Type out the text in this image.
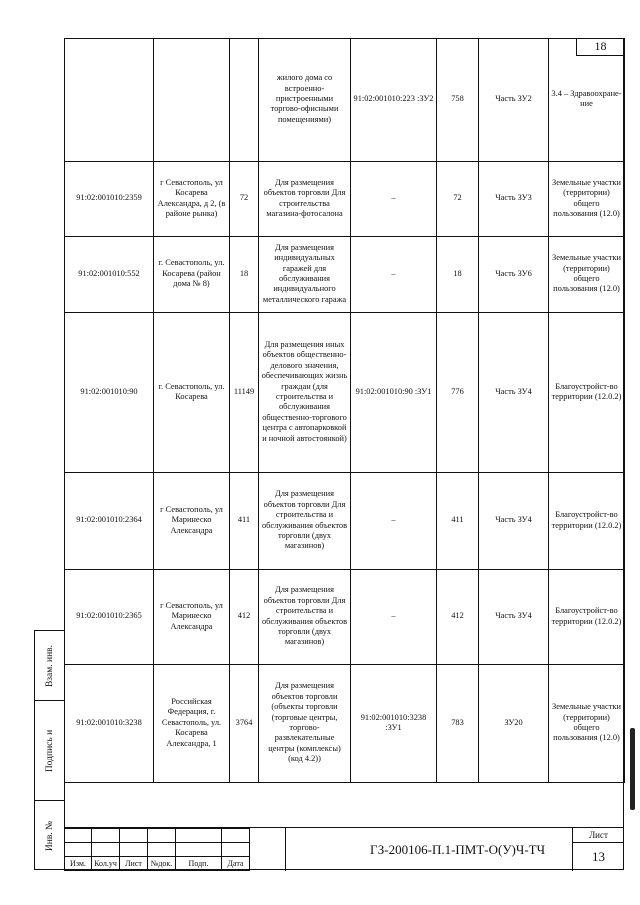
			жилого дома со встроенно-пристроенными торгово-офисными помещениями)	91:02:001010:223 :ЗУ2	758	Часть ЗУ2	3.4 – Здравоохране-ние
91:02:001010:2359	г Севастополь, ул Косарева Александра, д 2, (в районе рынка)	72	Для размещения объектов торговли Для строительства магазина-фотосалона	–	72	Часть ЗУ3	Земельные участки (территории) общего пользования (12.0)
91:02:001010:552	г. Севастополь, ул. Косарева (район дома № 8)	18	Для размещения индивидуальных гаражей для обслуживания индивидуального металлического гаража	–	18	Часть ЗУ6	Земельные участки (территории) общего пользования (12.0)
91:02:001010:90	г. Севастополь, ул. Косарева	11149	Для размещения иных объектов общественно-делового значения, обеспечивающих жизнь граждан (для строительства и обслуживания общественно-торгового центра с автопарковкой и ночной автостоянкой)	91:02:001010:90 :ЗУ1	776	Часть ЗУ4	Благоустройст-во территории (12.0.2)
91:02:001010:2364	г Севастополь, ул Маринеско Александра	411	Для размещения объектов торговли Для строительства и обслуживания объектов торговли (двух магазинов)	–	411	Часть ЗУ4	Благоустройст-во территории (12.0.2)
91:02:001010:2365	г Севастополь, ул Маринеско Александра	412	Для размещения объектов торговли Для строительства и обслуживания объектов торговли (двух магазинов)	–	412	Часть ЗУ4	Благоустройст-во территории (12.0.2)
91:02:001010:3238	Российская Федерация, г. Севастополь, ул. Косарева Александра, 1	3764	Для размещения объектов торговли (объекты торговли (торговые центры, торгово-развлекательные центры (комплексы) (код 4.2))	91:02:001010:3238 :ЗУ1	783	ЗУ20	Земельные участки (территории) общего пользования (12.0)
18
Взам. инв.
Подпись и
Инв. №

Изм.	Кол.уч	Лист	№док.	Подп.	Дата
ГЗ-200106-П.1-ПМТ-О(У)Ч-ТЧ
Лист
13
